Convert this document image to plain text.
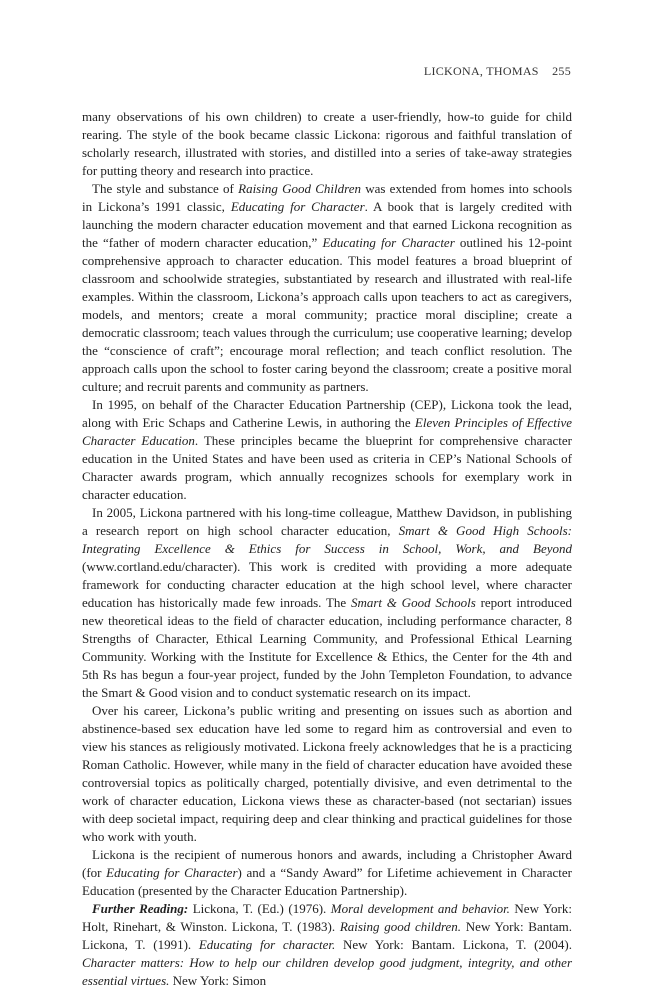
LICKONA, THOMAS 255

many observations of his own children) to create a user-friendly, how-to guide for child rearing. The style of the book became classic Lickona: rigorous and faithful translation of scholarly research, illustrated with stories, and distilled into a series of take-away strategies for putting theory and research into practice.

The style and substance of Raising Good Children was extended from homes into schools in Lickona’s 1991 classic, Educating for Character. A book that is largely credited with launching the modern character education movement and that earned Lickona recognition as the “father of modern character education,” Educating for Character outlined his 12-point comprehensive approach to character education. This model features a broad blueprint of classroom and schoolwide strategies, substantiated by research and illustrated with real-life examples. Within the classroom, Lickona’s approach calls upon teachers to act as caregivers, models, and mentors; create a moral community; practice moral discipline; create a democratic classroom; teach values through the curriculum; use cooperative learning; develop the “conscience of craft”; encourage moral reflection; and teach conflict resolution. The approach calls upon the school to foster caring beyond the classroom; create a positive moral culture; and recruit parents and community as partners.

In 1995, on behalf of the Character Education Partnership (CEP), Lickona took the lead, along with Eric Schaps and Catherine Lewis, in authoring the Eleven Principles of Effective Character Education. These principles became the blueprint for comprehensive character education in the United States and have been used as criteria in CEP’s National Schools of Character awards program, which annually recognizes schools for exemplary work in character education.

In 2005, Lickona partnered with his long-time colleague, Matthew Davidson, in publishing a research report on high school character education, Smart & Good High Schools: Integrating Excellence & Ethics for Success in School, Work, and Beyond (www.cortland.edu/character). This work is credited with providing a more adequate framework for conducting character education at the high school level, where character education has historically made few inroads. The Smart & Good Schools report introduced new theoretical ideas to the field of character education, including performance character, 8 Strengths of Character, Ethical Learning Community, and Professional Ethical Learning Community. Working with the Institute for Excellence & Ethics, the Center for the 4th and 5th Rs has begun a four-year project, funded by the John Templeton Foundation, to advance the Smart & Good vision and to conduct systematic research on its impact.

Over his career, Lickona’s public writing and presenting on issues such as abortion and abstinence-based sex education have led some to regard him as controversial and even to view his stances as religiously motivated. Lickona freely acknowledges that he is a practicing Roman Catholic. However, while many in the field of character education have avoided these controversial topics as politically charged, potentially divisive, and even detrimental to the work of character education, Lickona views these as character-based (not sectarian) issues with deep societal impact, requiring deep and clear thinking and practical guidelines for those who work with youth.

Lickona is the recipient of numerous honors and awards, including a Christopher Award (for Educating for Character) and a “Sandy Award” for Lifetime achievement in Character Education (presented by the Character Education Partnership).

Further Reading: Lickona, T. (Ed.) (1976). Moral development and behavior. New York: Holt, Rinehart, & Winston. Lickona, T. (1983). Raising good children. New York: Bantam. Lickona, T. (1991). Educating for character. New York: Bantam. Lickona, T. (2004). Character matters: How to help our children develop good judgment, integrity, and other essential virtues. New York: Simon
